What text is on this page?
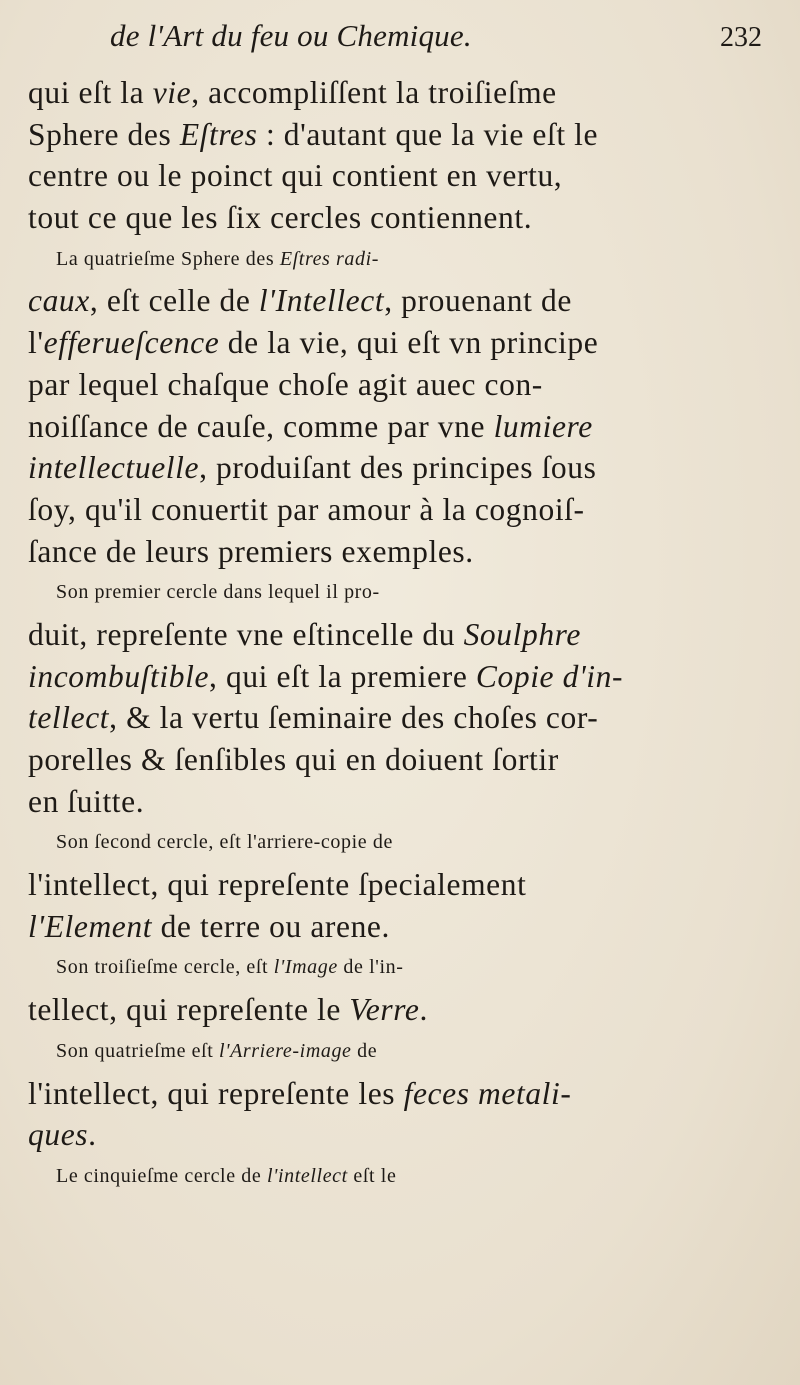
de l'Art du feu ou Chemique.	232
qui eſt la vie, accompliſſent la troiſieſme
Sphere des Eſtres : d'autant que la vie eſt le
centre ou le poinct qui contient en vertu,
tout ce que les ſix cercles contiennent.
La quatrieſme Sphere des Eſtres radi-
caux, eſt celle de l'Intellect, prouenant de
l'efferueſcence de la vie, qui eſt vn principe
par lequel chaſque choſe agit auec con-
noiſſance de cauſe, comme par vne lumiere
intellectuelle, produiſant des principes ſous
ſoy, qu'il conuertit par amour à la cognoiſ-
ſance de leurs premiers exemples.
Son premier cercle dans lequel il pro-
duit, repreſente vne eſtincelle du Soulphre
incombuſtible, qui eſt la premiere Copie d'in-
tellect, & la vertu ſeminaire des choſes cor-
porelles & ſenſibles qui en doiuent ſortir
en ſuitte.
Son ſecond cercle, eſt l'arriere-copie de
l'intellect, qui repreſente ſpecialement
l'Element de terre ou arene.
Son troiſieſme cercle, eſt l'Image de l'in-
tellect, qui repreſente le Verre.
Son quatrieſme eſt l'Arriere-image de
l'intellect, qui repreſente les feces metali-
ques.
Le cinquieſme cercle de l'intellect eſt le
